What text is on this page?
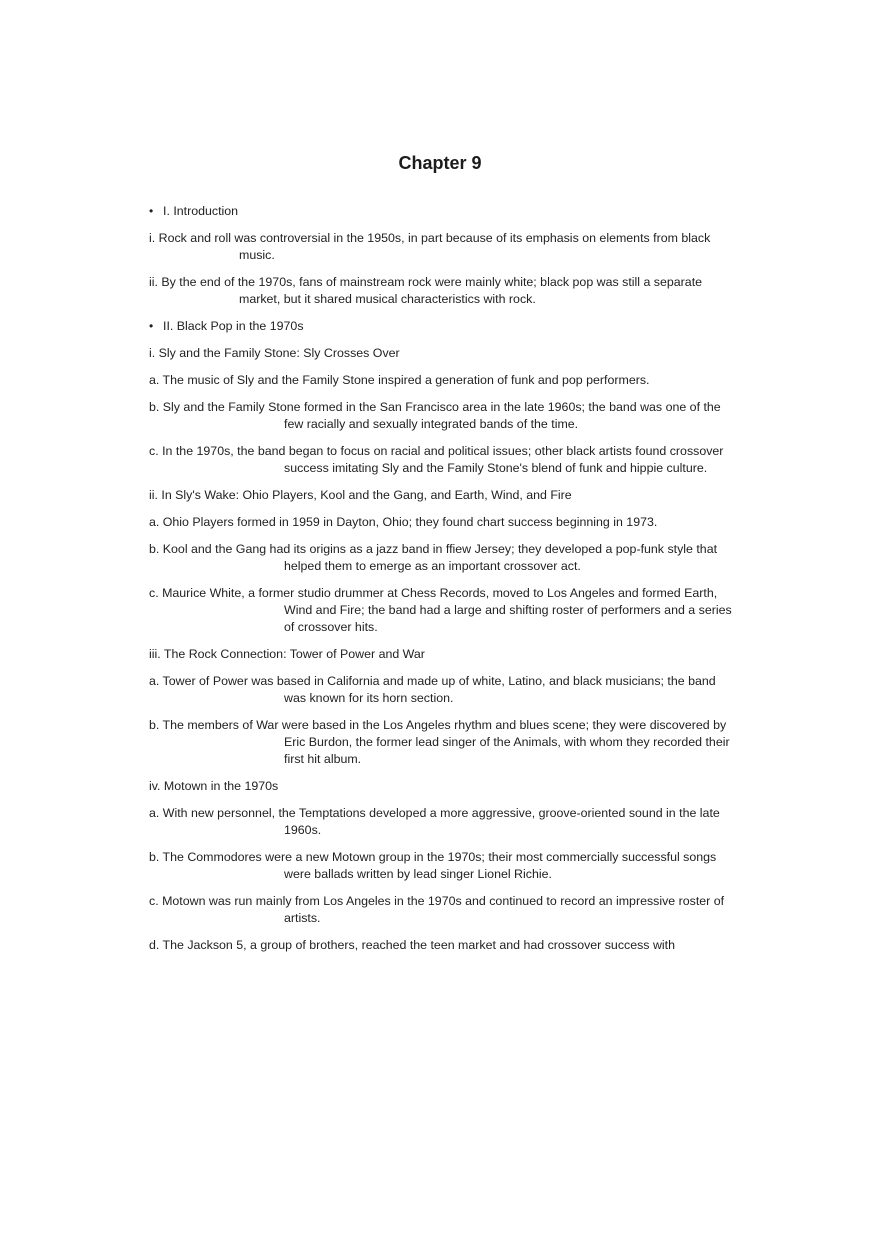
Chapter 9
• I. Introduction

i. Rock and roll was controversial in the 1950s, in part because of its emphasis on elements from black music.

ii. By the end of the 1970s, fans of mainstream rock were mainly white; black pop was still a separate market, but it shared musical characteristics with rock.

• II. Black Pop in the 1970s

i. Sly and the Family Stone: Sly Crosses Over

a. The music of Sly and the Family Stone inspired a generation of funk and pop performers.

b. Sly and the Family Stone formed in the San Francisco area in the late 1960s; the band was one of the few racially and sexually integrated bands of the time.

c. In the 1970s, the band began to focus on racial and political issues; other black artists found crossover success imitating Sly and the Family Stone's blend of funk and hippie culture.

ii. In Sly's Wake: Ohio Players, Kool and the Gang, and Earth, Wind, and Fire

a. Ohio Players formed in 1959 in Dayton, Ohio; they found chart success beginning in 1973.

b. Kool and the Gang had its origins as a jazz band in ffiew Jersey; they developed a pop-funk style that helped them to emerge as an important crossover act.

c. Maurice White, a former studio drummer at Chess Records, moved to Los Angeles and formed Earth, Wind and Fire; the band had a large and shifting roster of performers and a series of crossover hits.

iii. The Rock Connection: Tower of Power and War

a. Tower of Power was based in California and made up of white, Latino, and black musicians; the band was known for its horn section.

b. The members of War were based in the Los Angeles rhythm and blues scene; they were discovered by Eric Burdon, the former lead singer of the Animals, with whom they recorded their first hit album.

iv. Motown in the 1970s

a. With new personnel, the Temptations developed a more aggressive, groove-oriented sound in the late 1960s.

b. The Commodores were a new Motown group in the 1970s; their most commercially successful songs were ballads written by lead singer Lionel Richie.

c. Motown was run mainly from Los Angeles in the 1970s and continued to record an impressive roster of artists.

d. The Jackson 5, a group of brothers, reached the teen market and had crossover success with
